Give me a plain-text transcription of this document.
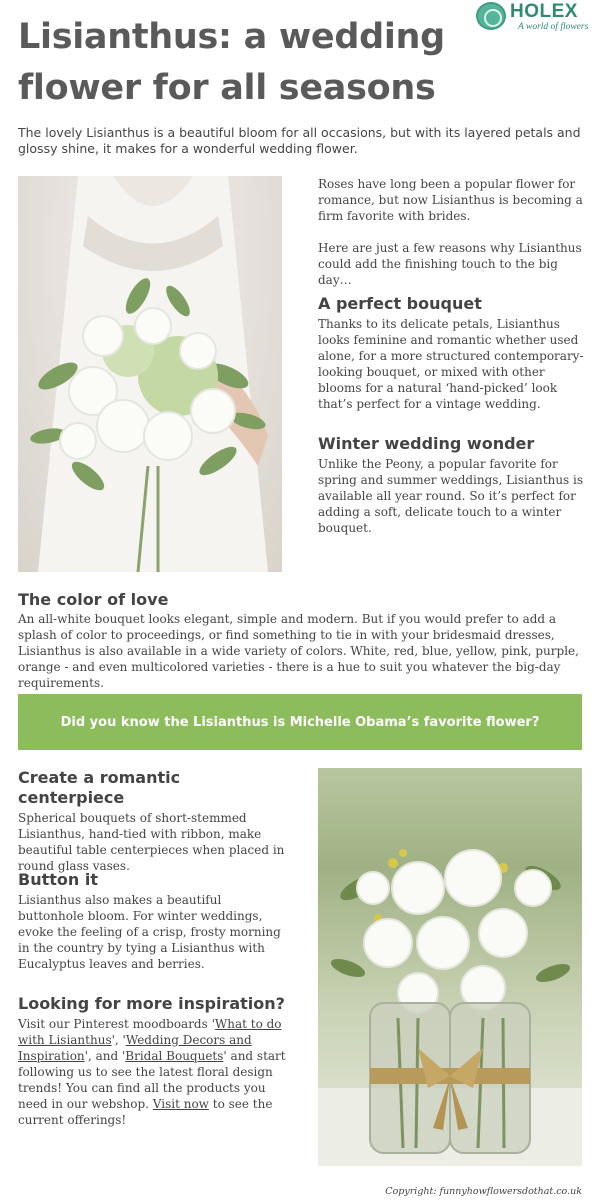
HOLEX
A world of flowers
Lisianthus: a wedding flower for all seasons

The lovely Lisianthus is a beautiful bloom for all occasions, but with its layered petals and glossy shine, it makes for a wonderful wedding flower.

Roses have long been a popular flower for romance, but now Lisianthus is becoming a firm favorite with brides.

Here are just a few reasons why Lisianthus could add the finishing touch to the big day…

A perfect bouquet

Thanks to its delicate petals, Lisianthus looks feminine and romantic whether used alone, for a more structured contemporary-looking bouquet, or mixed with other blooms for a natural ‘hand-picked’ look that’s perfect for a vintage wedding.

Winter wedding wonder

Unlike the Peony, a popular favorite for spring and summer weddings, Lisianthus is available all year round. So it’s perfect for adding a soft, delicate touch to a winter bouquet.

The color of love

An all-white bouquet looks elegant, simple and modern. But if you would prefer to add a splash of color to proceedings, or find something to tie in with your bridesmaid dresses, Lisianthus is also available in a wide variety of colors. White, red, blue, yellow, pink, purple, orange - and even multicolored varieties - there is a hue to suit you whatever the big-day requirements.

Did you know the Lisianthus is Michelle Obama’s favorite flower?
Create a romantic centerpiece

Spherical bouquets of short-stemmed Lisianthus, hand-tied with ribbon, make beautiful table centerpieces when placed in round glass vases.

Button it

Lisianthus also makes a beautiful buttonhole bloom. For winter weddings, evoke the feeling of a crisp, frosty morning in the country by tying a Lisianthus with Eucalyptus leaves and berries.

Looking for more inspiration?

Visit our Pinterest moodboards 'What to do with Lisianthus', 'Wedding Decors and Inspiration', and 'Bridal Bouquets' and start following us to see the latest floral design trends! You can find all the products you need in our webshop. Visit now to see the current offerings!

Copyright: funnyhowflowersdothat.co.uk
